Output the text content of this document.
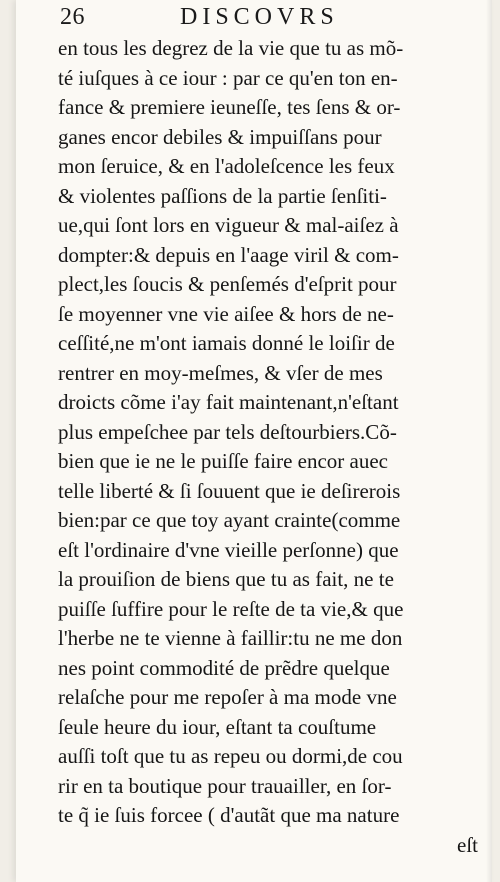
26	DISCOVRS
en tous les degrez de la vie que tu as mõ-
té iuſques à ce iour : par ce qu'en ton en-
fance & premiere ieuneſſe, tes ſens & or-
ganes encor debiles & impuiſſans pour
mon ſeruice, & en l'adoleſcence les feux
& violentes paſſions de la partie ſenſiti-
ue,qui ſont lors en vigueur & mal-aiſez à
dompter:& depuis en l'aage viril & com-
plect,les ſoucis & penſemés d'eſprit pour
ſe moyenner vne vie aiſee & hors de ne-
ceſſité,ne m'ont iamais donné le loiſir de
rentrer en moy-meſmes, & vſer de mes
droicts cõme i'ay fait maintenant,n'eſtant
plus empeſchee par tels deſtourbiers.Cõ-
bien que ie ne le puiſſe faire encor auec
telle liberté & ſi ſouuent que ie deſirerois
bien:par ce que toy ayant crainte(comme
eſt l'ordinaire d'vne vieille perſonne) que
la prouiſion de biens que tu as fait, ne te
puiſſe ſuffire pour le reſte de ta vie,& que
l'herbe ne te vienne à faillir:tu ne me don
nes point commodité de prẽdre quelque
relaſche pour me repoſer à ma mode vne
ſeule heure du iour, eſtant ta couſtume
auſſi toſt que tu as repeu ou dormi,de cou
rir en ta boutique pour trauailler, en ſor-
te q̃ ie ſuis forcee ( d'autãt que ma nature
eſt
